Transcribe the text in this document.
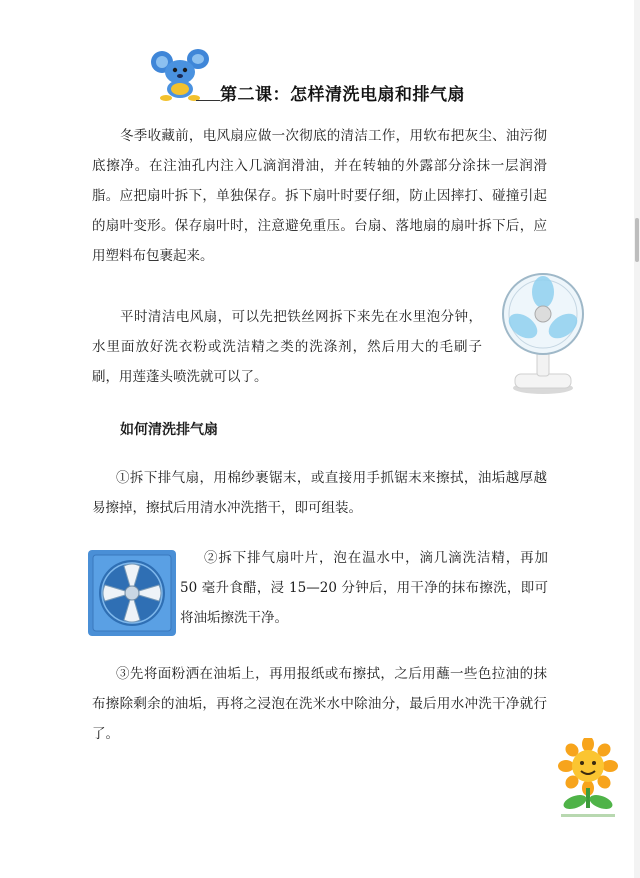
第二课：怎样清洗电扇和排气扇

冬季收藏前，电风扇应做一次彻底的清洁工作，用软布把灰尘、油污彻底擦净。在注油孔内注入几滴润滑油，并在转轴的外露部分涂抹一层润滑脂。应把扇叶拆下，单独保存。拆下扇叶时要仔细，防止因摔打、碰撞引起的扇叶变形。保存扇叶时，注意避免重压。台扇、落地扇的扇叶拆下后，应用塑料布包裹起来。

平时清洁电风扇，可以先把铁丝网拆下来先在水里泡分钟，水里面放好洗衣粉或洗洁精之类的洗涤剂，然后用大的毛刷子刷，用莲蓬头喷洗就可以了。

如何清洗排气扇

①拆下排气扇，用棉纱裹锯末，或直接用手抓锯末来擦拭，油垢越厚越易擦掉，擦拭后用清水冲洗揩干，即可组装。

②拆下排气扇叶片，泡在温水中，滴几滴洗洁精，再加 50 毫升食醋，浸 15—20 分钟后，用干净的抹布擦洗，即可将油垢擦洗干净。

③先将面粉洒在油垢上，再用报纸或布擦拭，之后用蘸一些色拉油的抹布擦除剩余的油垢，再将之浸泡在洗米水中除油分，最后用水冲洗干净就行了。
